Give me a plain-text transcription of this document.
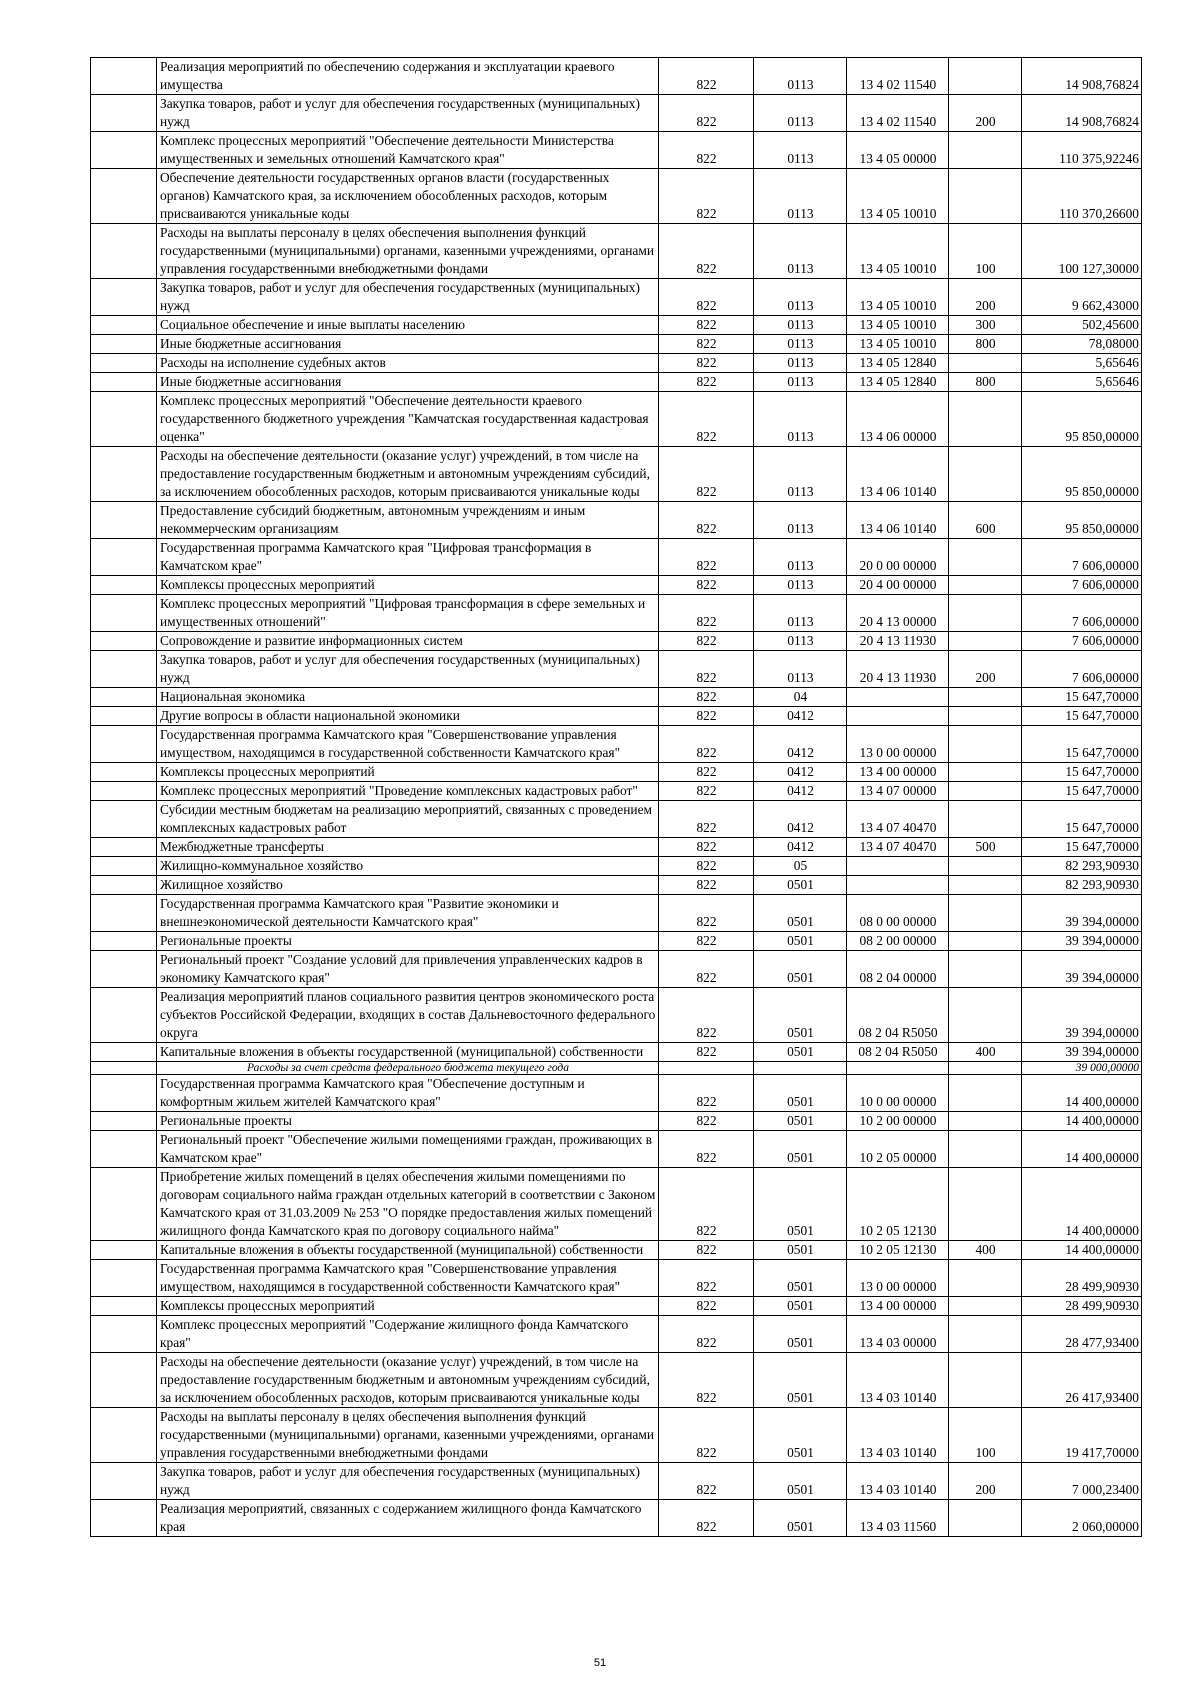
	Реализация мероприятий по обеспечению содержания и эксплуатации краевого имущества	822	0113	13 4 02 11540		14 908,76824
	Закупка товаров, работ и услуг для обеспечения государственных (муниципальных) нужд	822	0113	13 4 02 11540	200	14 908,76824
	Комплекс процессных мероприятий "Обеспечение деятельности Министерства имущественных и земельных отношений Камчатского края"	822	0113	13 4 05 00000		110 375,92246
	Обеспечение деятельности государственных органов власти (государственных органов) Камчатского края, за исключением обособленных расходов, которым присваиваются уникальные коды	822	0113	13 4 05 10010		110 370,26600
	Расходы на выплаты персоналу в целях обеспечения выполнения функций государственными (муниципальными) органами, казенными учреждениями, органами управления государственными внебюджетными фондами	822	0113	13 4 05 10010	100	100 127,30000
	Закупка товаров, работ и услуг для обеспечения государственных (муниципальных) нужд	822	0113	13 4 05 10010	200	9 662,43000
	Социальное обеспечение и иные выплаты населению	822	0113	13 4 05 10010	300	502,45600
	Иные бюджетные ассигнования	822	0113	13 4 05 10010	800	78,08000
	Расходы на исполнение судебных актов	822	0113	13 4 05 12840		5,65646
	Иные бюджетные ассигнования	822	0113	13 4 05 12840	800	5,65646
	Комплекс процессных мероприятий "Обеспечение деятельности краевого государственного бюджетного учреждения "Камчатская государственная кадастровая оценка"	822	0113	13 4 06 00000		95 850,00000
	Расходы на обеспечение деятельности (оказание услуг) учреждений, в том числе на предоставление государственным бюджетным и автономным учреждениям субсидий, за исключением обособленных расходов, которым присваиваются уникальные коды	822	0113	13 4 06 10140		95 850,00000
	Предоставление субсидий бюджетным, автономным учреждениям и иным некоммерческим организациям	822	0113	13 4 06 10140	600	95 850,00000
	Государственная программа Камчатского края "Цифровая трансформация в Камчатском крае"	822	0113	20 0 00 00000		7 606,00000
	Комплексы процессных мероприятий	822	0113	20 4 00 00000		7 606,00000
	Комплекс процессных мероприятий "Цифровая трансформация в сфере земельных и имущественных отношений"	822	0113	20 4 13 00000		7 606,00000
	Сопровождение и развитие информационных систем	822	0113	20 4 13 11930		7 606,00000
	Закупка товаров, работ и услуг для обеспечения государственных (муниципальных) нужд	822	0113	20 4 13 11930	200	7 606,00000
	Национальная экономика	822	04			15 647,70000
	Другие вопросы в области национальной экономики	822	0412			15 647,70000
	Государственная программа Камчатского края "Совершенствование управления имуществом, находящимся в государственной собственности Камчатского края"	822	0412	13 0 00 00000		15 647,70000
	Комплексы процессных мероприятий	822	0412	13 4 00 00000		15 647,70000
	Комплекс процессных мероприятий "Проведение комплексных кадастровых работ"	822	0412	13 4 07 00000		15 647,70000
	Субсидии местным бюджетам на реализацию мероприятий, связанных с проведением комплексных кадастровых работ	822	0412	13 4 07 40470		15 647,70000
	Межбюджетные трансферты	822	0412	13 4 07 40470	500	15 647,70000
	Жилищно-коммунальное хозяйство	822	05			82 293,90930
	Жилищное хозяйство	822	0501			82 293,90930
	Государственная программа Камчатского края "Развитие экономики и внешнеэкономической деятельности Камчатского края"	822	0501	08 0 00 00000		39 394,00000
	Региональные проекты	822	0501	08 2 00 00000		39 394,00000
	Региональный проект "Создание условий для привлечения управленческих кадров в экономику Камчатского края"	822	0501	08 2 04 00000		39 394,00000
	Реализация мероприятий планов социального развития центров экономического роста субъектов Российской Федерации, входящих в состав Дальневосточного федерального округа	822	0501	08 2 04 R5050		39 394,00000
	Капитальные вложения в объекты государственной (муниципальной) собственности	822	0501	08 2 04 R5050	400	39 394,00000
	Расходы за счет средств федерального бюджета текущего года					39 000,00000
	Государственная программа Камчатского края "Обеспечение доступным и комфортным жильем жителей Камчатского края"	822	0501	10 0 00 00000		14 400,00000
	Региональные проекты	822	0501	10 2 00 00000		14 400,00000
	Региональный проект "Обеспечение жилыми помещениями граждан, проживающих в Камчатском крае"	822	0501	10 2 05 00000		14 400,00000
	Приобретение жилых помещений в целях обеспечения жилыми помещениями по договорам социального найма граждан отдельных категорий в соответствии с Законом Камчатского края от 31.03.2009 № 253 "О порядке предоставления жилых помещений жилищного фонда Камчатского края по договору социального найма"	822	0501	10 2 05 12130		14 400,00000
	Капитальные вложения в объекты государственной (муниципальной) собственности	822	0501	10 2 05 12130	400	14 400,00000
	Государственная программа Камчатского края "Совершенствование управления имуществом, находящимся в государственной собственности Камчатского края"	822	0501	13 0 00 00000		28 499,90930
	Комплексы процессных мероприятий	822	0501	13 4 00 00000		28 499,90930
	Комплекс процессных мероприятий "Содержание жилищного фонда Камчатского края"	822	0501	13 4 03 00000		28 477,93400
	Расходы на обеспечение деятельности (оказание услуг) учреждений, в том числе на предоставление государственным бюджетным и автономным учреждениям субсидий, за исключением обособленных расходов, которым присваиваются уникальные коды	822	0501	13 4 03 10140		26 417,93400
	Расходы на выплаты персоналу в целях обеспечения выполнения функций государственными (муниципальными) органами, казенными учреждениями, органами управления государственными внебюджетными фондами	822	0501	13 4 03 10140	100	19 417,70000
	Закупка товаров, работ и услуг для обеспечения государственных (муниципальных) нужд	822	0501	13 4 03 10140	200	7 000,23400
	Реализация мероприятий, связанных с содержанием жилищного фонда Камчатского края	822	0501	13 4 03 11560		2 060,00000
51
